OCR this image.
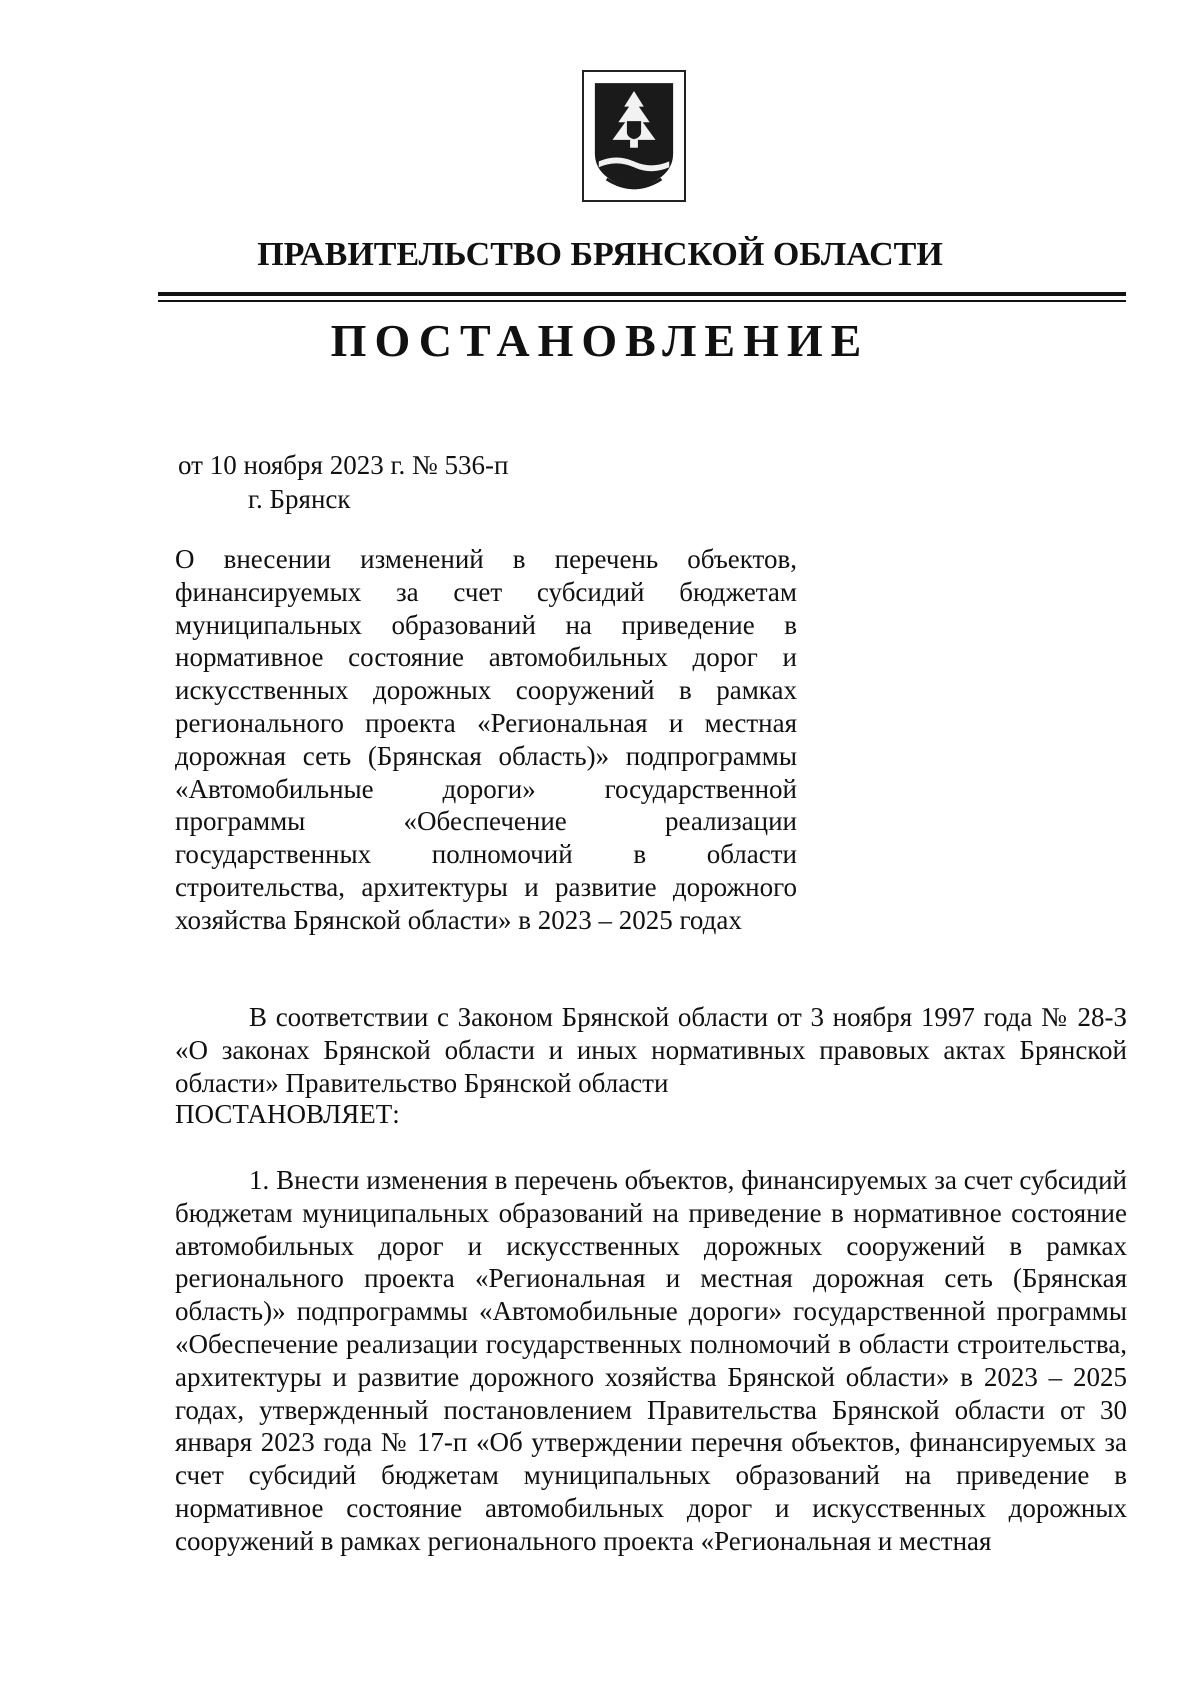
ПРАВИТЕЛЬСТВО БРЯНСКОЙ ОБЛАСТИ
ПОСТАНОВЛЕНИЕ
от 10 ноября 2023 г. № 536-п
г. Брянск

О внесении изменений в перечень объектов, финансируемых за счет субсидий бюджетам муниципальных образований на приведение в нормативное состояние автомобильных дорог и искусственных дорожных сооружений в рамках регионального проекта «Региональная и местная дорожная сеть (Брянская область)» подпрограммы «Автомобильные дороги» государственной программы «Обеспечение реализации государственных полномочий в области строительства, архитектуры и развитие дорожного хозяйства Брянской области» в 2023 – 2025 годах

В соответствии с Законом Брянской области от 3 ноября 1997 года № 28-З «О законах Брянской области и иных нормативных правовых актах Брянской области» Правительство Брянской области

ПОСТАНОВЛЯЕТ:

1. Внести изменения в перечень объектов, финансируемых за счет субсидий бюджетам муниципальных образований на приведение в нормативное состояние автомобильных дорог и искусственных дорожных сооружений в рамках регионального проекта «Региональная и местная дорожная сеть (Брянская область)» подпрограммы «Автомобильные дороги» государственной программы «Обеспечение реализации государственных полномочий в области строительства, архитектуры и развитие дорожного хозяйства Брянской области» в 2023 – 2025 годах, утвержденный постановлением Правительства Брянской области от 30 января 2023 года № 17-п «Об утверждении перечня объектов, финансируемых за счет субсидий бюджетам муниципальных образований на приведение в нормативное состояние автомобильных дорог и искусственных дорожных сооружений в рамках регионального проекта «Региональная и местная
